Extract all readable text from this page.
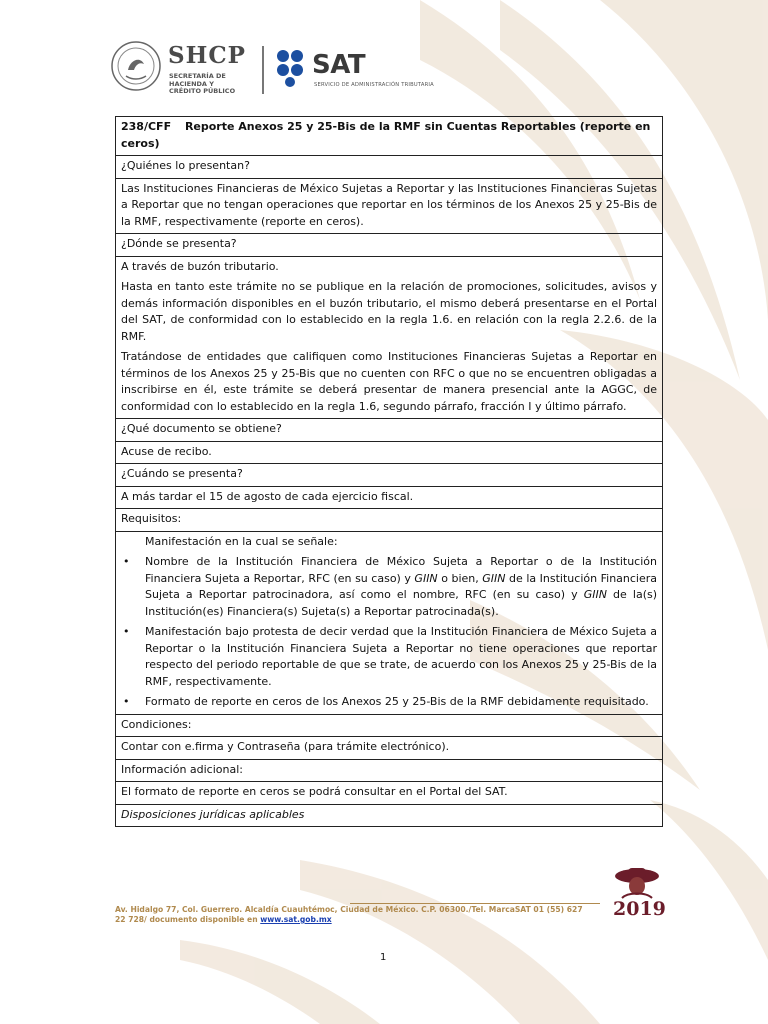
SHCP
SECRETARÍA DE
HACIENDA Y
CRÉDITO PÚBLICO
SAT
SERVICIO DE ADMINISTRACIÓN TRIBUTARIA
238/CFF Reporte Anexos 25 y 25-Bis de la RMF sin Cuentas Reportables (reporte en ceros)
¿Quiénes lo presentan?

Las Instituciones Financieras de México Sujetas a Reportar y las Instituciones Financieras Sujetas a Reportar que no tengan operaciones que reportar en los términos de los Anexos 25 y 25-Bis de la RMF, respectivamente (reporte en ceros).

¿Dónde se presenta?

A través de buzón tributario.

Hasta en tanto este trámite no se publique en la relación de promociones, solicitudes, avisos y demás información disponibles en el buzón tributario, el mismo deberá presentarse en el Portal del SAT, de conformidad con lo establecido en la regla 1.6. en relación con la regla 2.2.6. de la RMF.

Tratándose de entidades que califiquen como Instituciones Financieras Sujetas a Reportar en términos de los Anexos 25 y 25-Bis que no cuenten con RFC o que no se encuentren obligadas a inscribirse en él, este trámite se deberá presentar de manera presencial ante la AGGC, de conformidad con lo establecido en la regla 1.6, segundo párrafo, fracción I y último párrafo.

¿Qué documento se obtiene?

Acuse de recibo.

¿Cuándo se presenta?

A más tardar el 15 de agosto de cada ejercicio fiscal.

Requisitos:

Manifestación en la cual se señale:

• Nombre de la Institución Financiera de México Sujeta a Reportar o de la Institución Financiera Sujeta a Reportar, RFC (en su caso) y GIIN o bien, GIIN de la Institución Financiera Sujeta a Reportar patrocinadora, así como el nombre, RFC (en su caso) y GIIN de la(s) Institución(es) Financiera(s) Sujeta(s) a Reportar patrocinada(s).
• Manifestación bajo protesta de decir verdad que la Institución Financiera de México Sujeta a Reportar o la Institución Financiera Sujeta a Reportar no tiene operaciones que reportar respecto del periodo reportable de que se trate, de acuerdo con los Anexos 25 y 25-Bis de la RMF, respectivamente.
• Formato de reporte en ceros de los Anexos 25 y 25-Bis de la RMF debidamente requisitado.

Condiciones:

Contar con e.firma y Contraseña (para trámite electrónico).

Información adicional:

El formato de reporte en ceros se podrá consultar en el Portal del SAT.

Disposiciones jurídicas aplicables
Av. Hidalgo 77, Col. Guerrero. Alcaldía Cuauhtémoc, Ciudad de México. C.P. 06300./Tel. MarcaSAT 01 (55) 627 22 728/ documento disponible en www.sat.gob.mx	2019
1
